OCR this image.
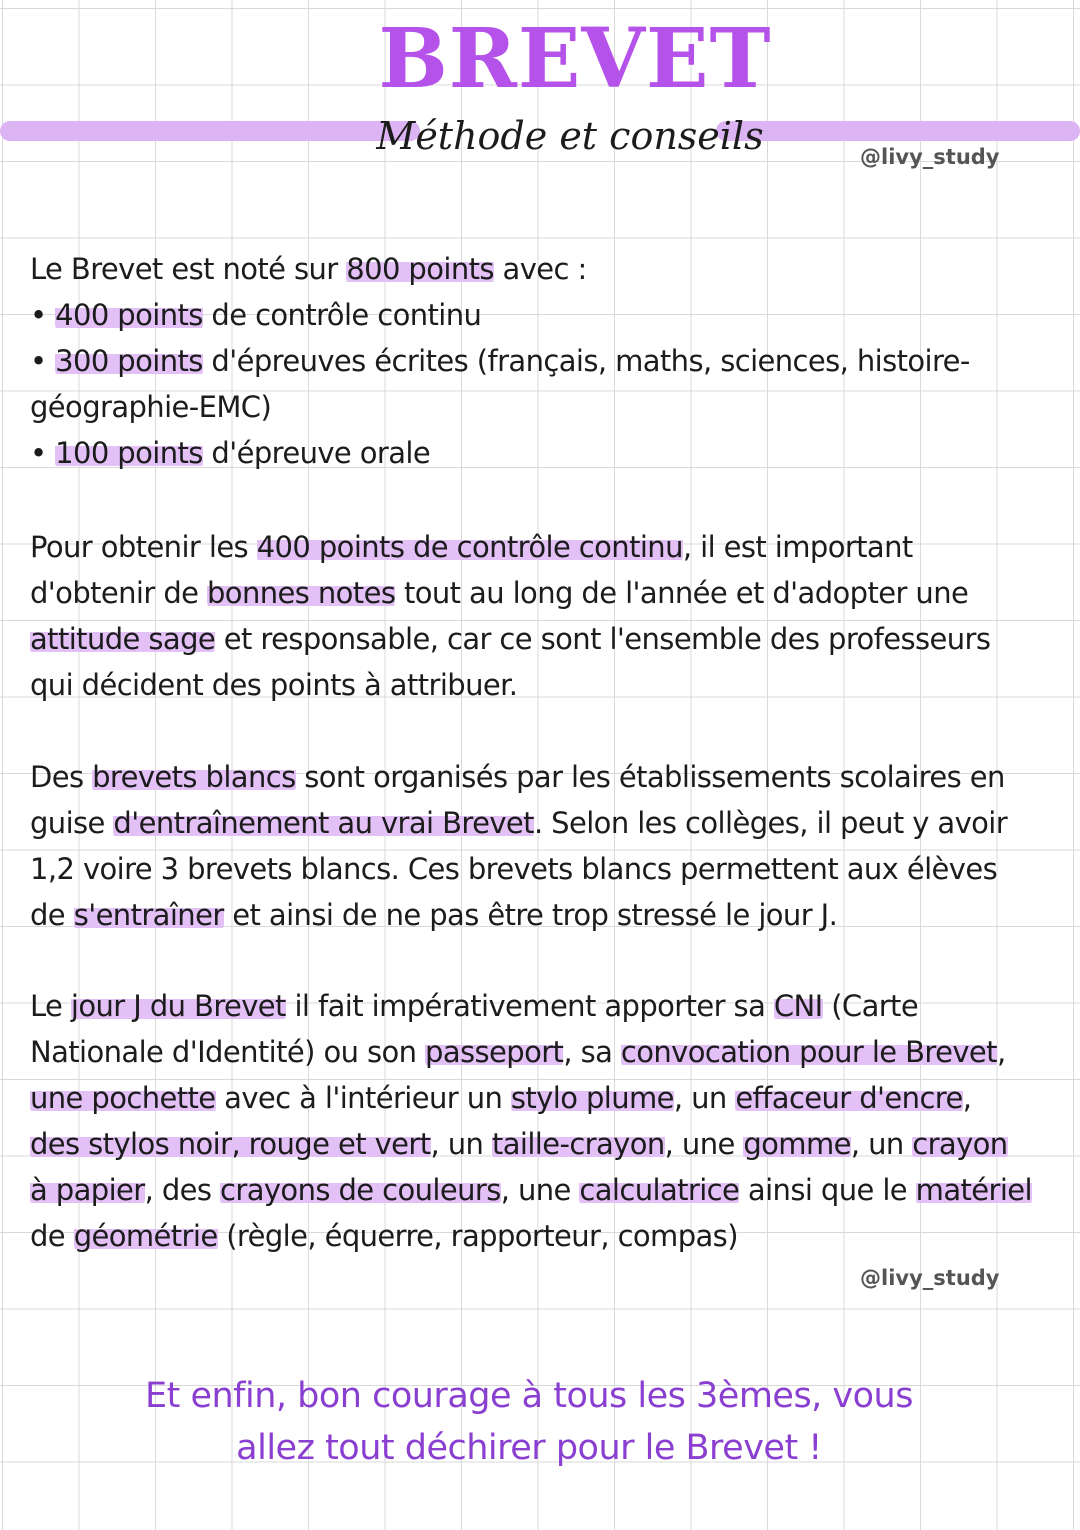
BREVET
Méthode et conseils	@livy_study
Le Brevet est noté sur 800 points avec :
• 400 points de contrôle continu
• 300 points d'épreuves écrites (français, maths, sciences, histoire-
géographie-EMC)
• 100 points d'épreuve orale
Pour obtenir les 400 points de contrôle continu, il est important
d'obtenir de bonnes notes tout au long de l'année et d'adopter une
attitude sage et responsable, car ce sont l'ensemble des professeurs
qui décident des points à attribuer.
Des brevets blancs sont organisés par les établissements scolaires en
guise d'entraînement au vrai Brevet. Selon les collèges, il peut y avoir
1,2 voire 3 brevets blancs. Ces brevets blancs permettent aux élèves
de s'entraîner et ainsi de ne pas être trop stressé le jour J.
Le jour J du Brevet il fait impérativement apporter sa CNI (Carte
Nationale d'Identité) ou son passeport, sa convocation pour le Brevet,
une pochette avec à l'intérieur un stylo plume, un effaceur d'encre,
des stylos noir, rouge et vert, un taille-crayon, une gomme, un crayon
à papier, des crayons de couleurs, une calculatrice ainsi que le matériel
de géométrie (règle, équerre, rapporteur, compas)
@livy_study
Et enfin, bon courage à tous les 3èmes, vous
allez tout déchirer pour le Brevet !
